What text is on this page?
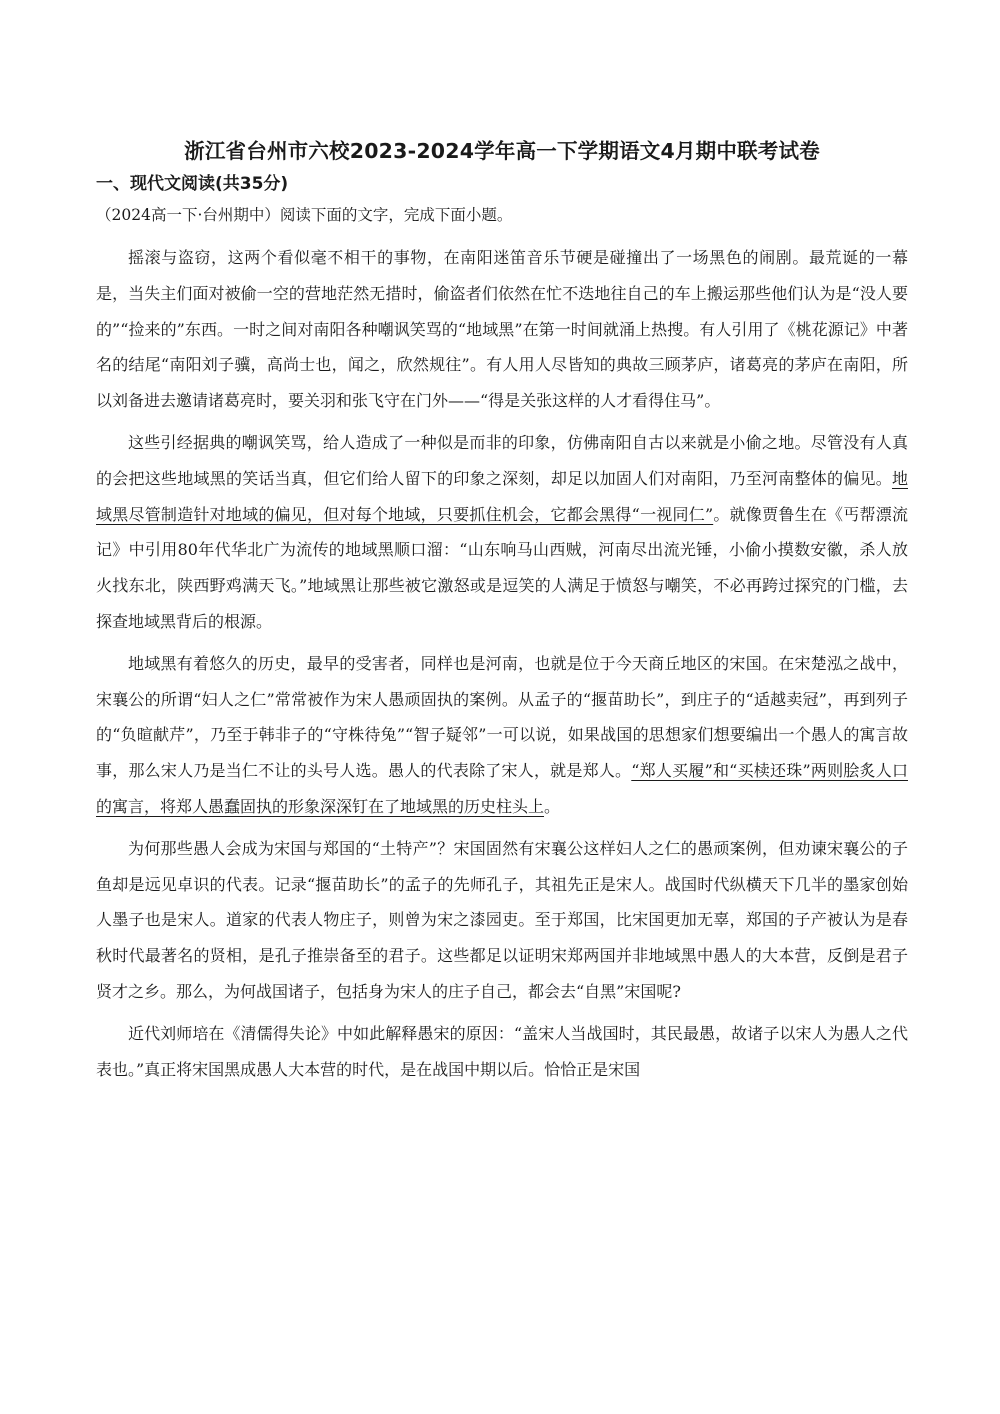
浙江省台州市六校2023-2024学年高一下学期语文4月期中联考试卷
一、现代文阅读(共35分)

（2024高一下·台州期中）阅读下面的文字，完成下面小题。

摇滚与盗窃，这两个看似毫不相干的事物，在南阳迷笛音乐节硬是碰撞出了一场黑色的闹剧。最荒诞的一幕是，当失主们面对被偷一空的营地茫然无措时，偷盗者们依然在忙不迭地往自己的车上搬运那些他们认为是“没人要的”“捡来的”东西。一时之间对南阳各种嘲讽笑骂的“地域黑”在第一时间就涌上热搜。有人引用了《桃花源记》中著名的结尾“南阳刘子骥，高尚士也，闻之，欣然规往”。有人用人尽皆知的典故三顾茅庐，诸葛亮的茅庐在南阳，所以刘备进去邀请诸葛亮时，要关羽和张飞守在门外——“得是关张这样的人才看得住马”。

这些引经据典的嘲讽笑骂，给人造成了一种似是而非的印象，仿佛南阳自古以来就是小偷之地。尽管没有人真的会把这些地域黑的笑话当真，但它们给人留下的印象之深刻，却足以加固人们对南阳，乃至河南整体的偏见。地域黑尽管制造针对地域的偏见，但对每个地域，只要抓住机会，它都会黑得“一视同仁”。就像贾鲁生在《丐帮漂流记》中引用80年代华北广为流传的地域黑顺口溜：“山东响马山西贼，河南尽出流光锤，小偷小摸数安徽，杀人放火找东北，陕西野鸡满天飞。”地域黑让那些被它激怒或是逗笑的人满足于愤怒与嘲笑，不必再跨过探究的门槛，去探查地域黑背后的根源。

地域黑有着悠久的历史，最早的受害者，同样也是河南，也就是位于今天商丘地区的宋国。在宋楚泓之战中，宋襄公的所谓“妇人之仁”常常被作为宋人愚顽固执的案例。从孟子的“揠苗助长”，到庄子的“适越卖冠”，再到列子的“负暄献芹”，乃至于韩非子的“守株待兔”“智子疑邻”一可以说，如果战国的思想家们想要编出一个愚人的寓言故事，那么宋人乃是当仁不让的头号人选。愚人的代表除了宋人，就是郑人。“郑人买履”和“买椟还珠”两则脍炙人口的寓言，将郑人愚蠢固执的形象深深钉在了地域黑的历史柱头上。

为何那些愚人会成为宋国与郑国的“土特产”？宋国固然有宋襄公这样妇人之仁的愚顽案例，但劝谏宋襄公的子鱼却是远见卓识的代表。记录“揠苗助长”的孟子的先师孔子，其祖先正是宋人。战国时代纵横天下几半的墨家创始人墨子也是宋人。道家的代表人物庄子，则曾为宋之漆园吏。至于郑国，比宋国更加无辜，郑国的子产被认为是春秋时代最著名的贤相，是孔子推崇备至的君子。这些都足以证明宋郑两国并非地域黑中愚人的大本营，反倒是君子贤才之乡。那么，为何战国诸子，包括身为宋人的庄子自己，都会去“自黑”宋国呢?

近代刘师培在《清儒得失论》中如此解释愚宋的原因：“盖宋人当战国时，其民最愚，故诸子以宋人为愚人之代表也。”真正将宋国黑成愚人大本营的时代，是在战国中期以后。恰恰正是宋国
